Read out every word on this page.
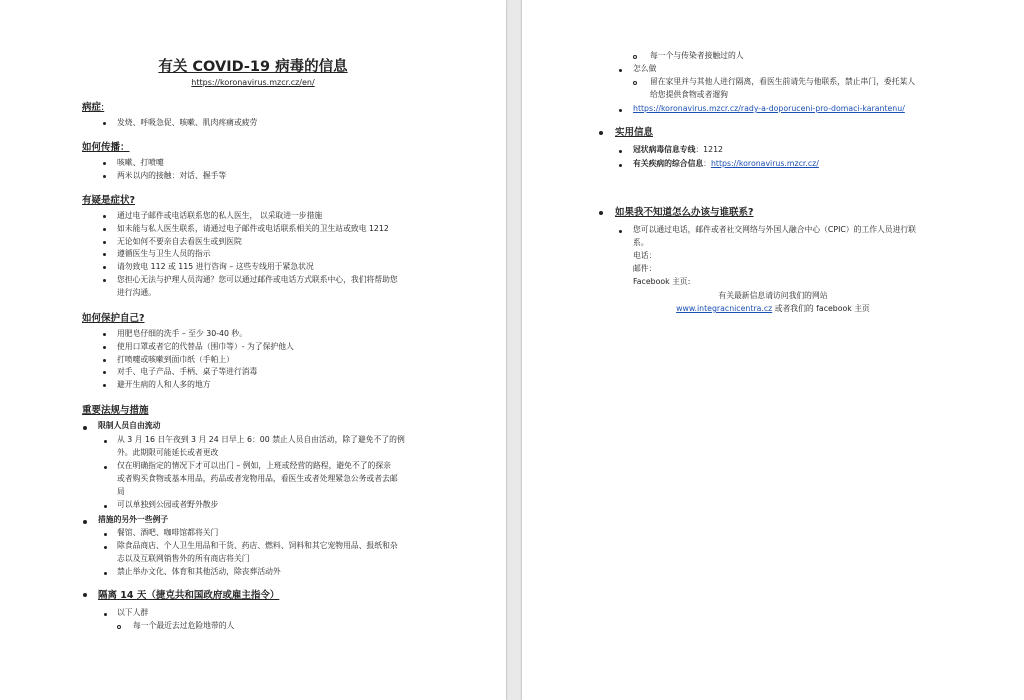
有关 COVID-19 病毒的信息
https://koronavirus.mzcr.cz/en/
病症:
发烧、呼吸急促、咳嗽、肌肉疼痛或疲劳
如何传播：
咳嗽、打喷嚏
两米以内的接触：对话、握手等
有疑是症状?
通过电子邮件或电话联系您的私人医生， 以采取进一步措施
如未能与私人医生联系，请通过电子邮件或电话联系相关的卫生站或致电 1212
无论如何不要亲自去看医生或到医院
遵循医生与卫生人员的指示
请勿致电 112 或 115 进行咨询 – 这些专线用于紧急状况
您担心无法与护理人员沟通？您可以通过邮件或电话方式联系中心，我们将帮助您
进行沟通。
如何保护自己?
用肥皂仔细的洗手 – 至少 30-40 秒。
使用口罩或者它的代替品（围巾等）- 为了保护他人
打喷嚏或咳嗽到面巾纸（手帕上）
对手、电子产品、手柄、桌子等进行消毒
避开生病的人和人多的地方
重要法规与措施
限制人员自由流动
从 3 月 16 日午夜到 3 月 24 日早上 6：00 禁止人员自由活动，除了避免不了的例
外。此期限可能延长或者更改
仅在明确指定的情况下才可以出门 – 例如，上班或经营的路程，避免不了的探亲
或者购买食物或基本用品，药品或者宠物用品，看医生或者处理紧急公务或者去邮
局
可以单独到公园或者野外散步
措施的另外一些例子
餐馆、酒吧、咖啡馆都将关门
除食品商店、个人卫生用品和干货、药店、燃料、饲料和其它宠物用品、报纸和杂
志以及互联网销售外的所有商店将关门
禁止举办文化、体育和其他活动，除丧葬活动外
隔离 14 天（捷克共和国政府或雇主指令）
以下人群
每一个最近去过危险地带的人
每一个与传染者接触过的人
怎么做
留在家里并与其他人进行隔离，看医生前请先与他联系，禁止串门，委托某人
给您提供食物或者遛狗
https://koronavirus.mzcr.cz/rady-a-doporuceni-pro-domaci-karantenu/
实用信息
冠状病毒信息专线：1212
有关疾病的综合信息：https://koronavirus.mzcr.cz/
如果我不知道怎么办该与谁联系?
您可以通过电话，邮件或者社交网络与外国人融合中心（CPIC）的工作人员进行联
系。
电话：
邮件：
Facebook 主页:
有关最新信息请访问我们的网站
www.integracnicentra.cz 或者我们的 facebook 主页
